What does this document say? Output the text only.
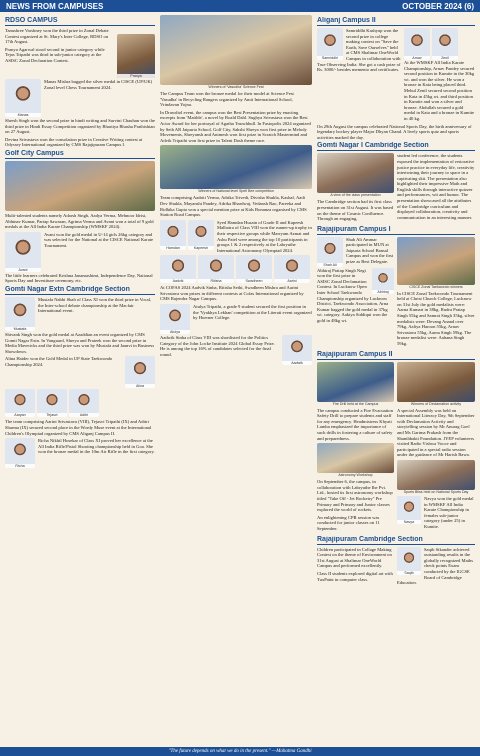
NEWS FROM CAMPUSES	OCTOBER 2024 (6)
RDSO CAMPUS
Pranya
Tanushree Varshney won the third prize in Zonal Debate Contest organized at St. Mary's Inter College, RDSO on 17th August.
Pranya Agarwal stood second in junior category while Tejas Tripathi was third in sub-junior category at the ASISC Zonal Declaration Contest.
Manas
Manas Mishra bagged the silver medal in CISCE (UP/UK) Zonal level Chess Tournament 2024.
Shresh Singh won the second prize in hindi writing and Survini Chauhan won the third prize in Hindi Essay Competition organized by Bhartiya Bhasha Prathishtan on 27 August.
Devina Srivastava won the consolation prize in Creative Writing contest at Odyssey International organized by CMS Rajajipuram Campus I.
Golf City Campus
Multi-talented students namely Adarsh Singh, Aadya Verma, Mehnoor Idrisi, Abhinav Kumar, Partap Sawaran, Agrima Verma and Avani won a total of 9 gold medals at the All India Karate Championship (WMSKF 2024).
Avani
Avani won the gold medal in U-14 girls 26kg category and was selected for the National at the CISCE National Karate Tournament.
The little learners celebrated Krishna Janamashtmi, Independence Day, National Sports Day and Investiture ceremony, etc.
Gomti Nagar Extn Cambridge Section
Mustafa
Mustafa Nabhi Shah of Class XI won the third prize in Vocal, the Inter-school debate championship at the Macfair International event.
Shivank Singh won the gold medal at Azaddian an event organized by CMS Gomti Nagar Extn. In Vanguard, Shreya and Prateek won the second prize in Media Mavericks and the third prize was won by Mustafa and Jaanvi in Business Showdown.
Alina
Alina Haider won the Gold Medal in UP State Taekwondo Championship 2024.
Aaryan	Tejasvi	Aditri
The team comprising Aarini Srivastava (VIII), Tejasvi Tripathi (IX) and Aditri Sharma (IX) secured second place in the Wordy Muse event at the International Children's Olympiad organized by CMS Aliganj Campus II.
Richa
Richa Nikhil Hosekar of Class XI proved her excellence at the All India Rifle/Pistol Shooting championship held in Goa. She won the bronze medal in the 10m Air Rifle in the first category.
Winners of 'Vasudha' Science Fest
The Campus Team won the bronze medal for their model at Science Fest 'Vasudha' in Recycling Rangers organized by Amit International School, Vrindavan Yojna.
In Drawdiol event, the campus won the Best Presentation prize by enacting excerpts from 'Matilde', a novel by Roald Dahl. Sughya Srivastava won the Best Actor Award for her portrayal of Agatha Trunchbull. In Fastopolis 2024 organized by Seth AR Jaipuria School, Golf City, Sakshi Shreya won first prize in Melody Movements, Shreyansh and Animesh won first prize in Scratch Mastermind and Advik Tripathi won first prize in Talent Dash theme race.
Winners of National level Spell Bee competition
Team comprising Aadriti Verma, Adrika Trivedi, Divisha Shukla, Kashaf, Aadi Dev Shukla, Mayanshi Pandey, Adrika Bhardwaj, Vedansh Rao, Pareeka and Ridhika Gupta won a special mention prize at Kids Bonanza organised by CMS Station Road Campus.
Hamdan	Kapeesh
Syed Hamdan Husain of Grade II and Kapeesh Malhotra of Class VIII won the runner-up trophy in their respective groups while Marryam Azmat and Ashu Patel were among the top 10 participants in groups 1 & 2 respectively at the Labryuthe International Astronomy Olympiad 2024.
Aadvik	Ritisha	Swadheen	Aarini
At COFAS 2024 Aadvik Sinha, Ritisha Sethi, Swadheen Mishra and Aarini Srivastava won prizes in different contests at Cofas International organized by CMS Rajendra Nagar Campus.
Atulya
Atulya Tripathi, a grade 9 student secured the first position in the 'Vyakhya Lekhan' competition at the Literati event organized by Hoerner College.
Aadwik
Aadwik Sinha of Class VIII was shortlisted for the Politics Category of the John Locke Institute 2024 Global Essay Prize. He is among the top 16% of candidates selected for the final round.
Aliganj Campus II
Samriddhi
Samriddhi Kashyap won the second prize in college making contest on "Save the Earth, Save Ourselves" held at CMS Shalimar OneWorld Campus in collaboration with True Observing India. She got a cash prize of Rs. 3000/- besides memento and certificates.
Arnav	Zenil
At the WMSKF All India Karate Championship, Arnav Pandey secured second position in Kumite in the 30kg wt. and won the silver. He won a bronze in Kata being placed third. Mehul Zenil secured second position in Kata in 45kg wt. and third position in Kumite and won a silver and bronze. Abdullah secured a gold medal in Kata and a bronze in Kumite in 40 kg.
On 29th August the campus celebrated National Sports Day, the birth anniversary of legendary hockey player Major Dhyan Chand. A lively sports quiz and sports activities marked the day.
Gomti Nagar I Cambridge Section
A view of the class presentation
The Cambridge section had its first class presentation on 31st August. It was based on the theme of Cosmic Confluence. Through an engaging,
student led conference, the students exposed the implementation of restorative justice practice in everyday life, creativity intertwining their journey to space in a captivating skit. The presentation also highlighted their impressive Math and English skills through interactive quizzer and performances, wit and humor. The presentation showcased all the attributes of the Cambridge curriculum and displayed collaboration, creativity and communication in an interesting manner.
Rajajipuram Campus I
Shah Ali
Shah Ali Ammar participated in MUN at Jaipuria School Bansal Campus and won the first prize as Best Delegate.
Abhiraj
Abhiraj Pratap Singh Negi won the first prize in ASISC Zonal Declamation Contest. In Lucknow Open Inter School Taekwondo Championship organized by Lucknow District, Taekwondo Association, Arna Kumar bagged the gold medal in 37kg wt. category. Aakiya Siddiqui won the gold in 48kg wt.
CISCE Zonal Taekwondo winners
In CISCE Zonal Taekwondo Tournament held at Christ Church College, Lucknow on 31st July the gold medalists were: Aarna Kumari in 38kg. Rudra Pratap Singh 55kg and Samrat Singh 35kg, silver medalists were: Devang Anand over 79kg, Aaliya Haroon 55kg, Arnav Srivastava 55kg, Aarna Singh 59kg. The bronze medalist were: Aahana Singh 59kg.
Rajajipuram Campus II
Fire Drill held at the Campus
The campus conducted a Fire Evacuation Safety Drill to prepare students and staff for any emergency. Headmistress Khyati Lamba emphasized the importance of such drills in fostering a culture of safety and preparedness.
Astronomy Workshop
On September 6, the campus, in collaboration with Labryuthe Ihe Pvt. Ltd., hosted its first astronomy workshop titled "Take Off - Jet Rocketry" Pre Primary and Primary and Junior classes explored the world of rockets.
An enlightening CPR session was conducted for junior classes on 11 September.
Winners of Declamation activity
A special Assembly was held on International Literacy Day, 9th September with Declamation Activity and storytelling session by Mr Anurag Goel and Ms Garima Prakash from the Shanthbakti Foundation. JYEP volunteers visited Radio Vishwa Vooce and participated in a special radio session under the guidance of Mr Harish Bawa.
Sports Bliss held on National Sports Day
Navya
Navya won the gold medal in WMSKF All India Karate Championship in females sub-junior category (under 25) in Kumite.
Rajajipuram Cambridge Section
Children participated in Collage Making Contest on the theme of Environment on 31st August at Shalimar OneWorld Campus and performed excellently.
Class II students explored digital art with TuxPaint in computer class.
Saqib
Saqib Sikander achieved outstanding results in the globally recognized Maths check points Exam conducted by the IGCSE Board of Cambridge Education.
"The future depends on what we do in the present." —Mahatma Gandhi
